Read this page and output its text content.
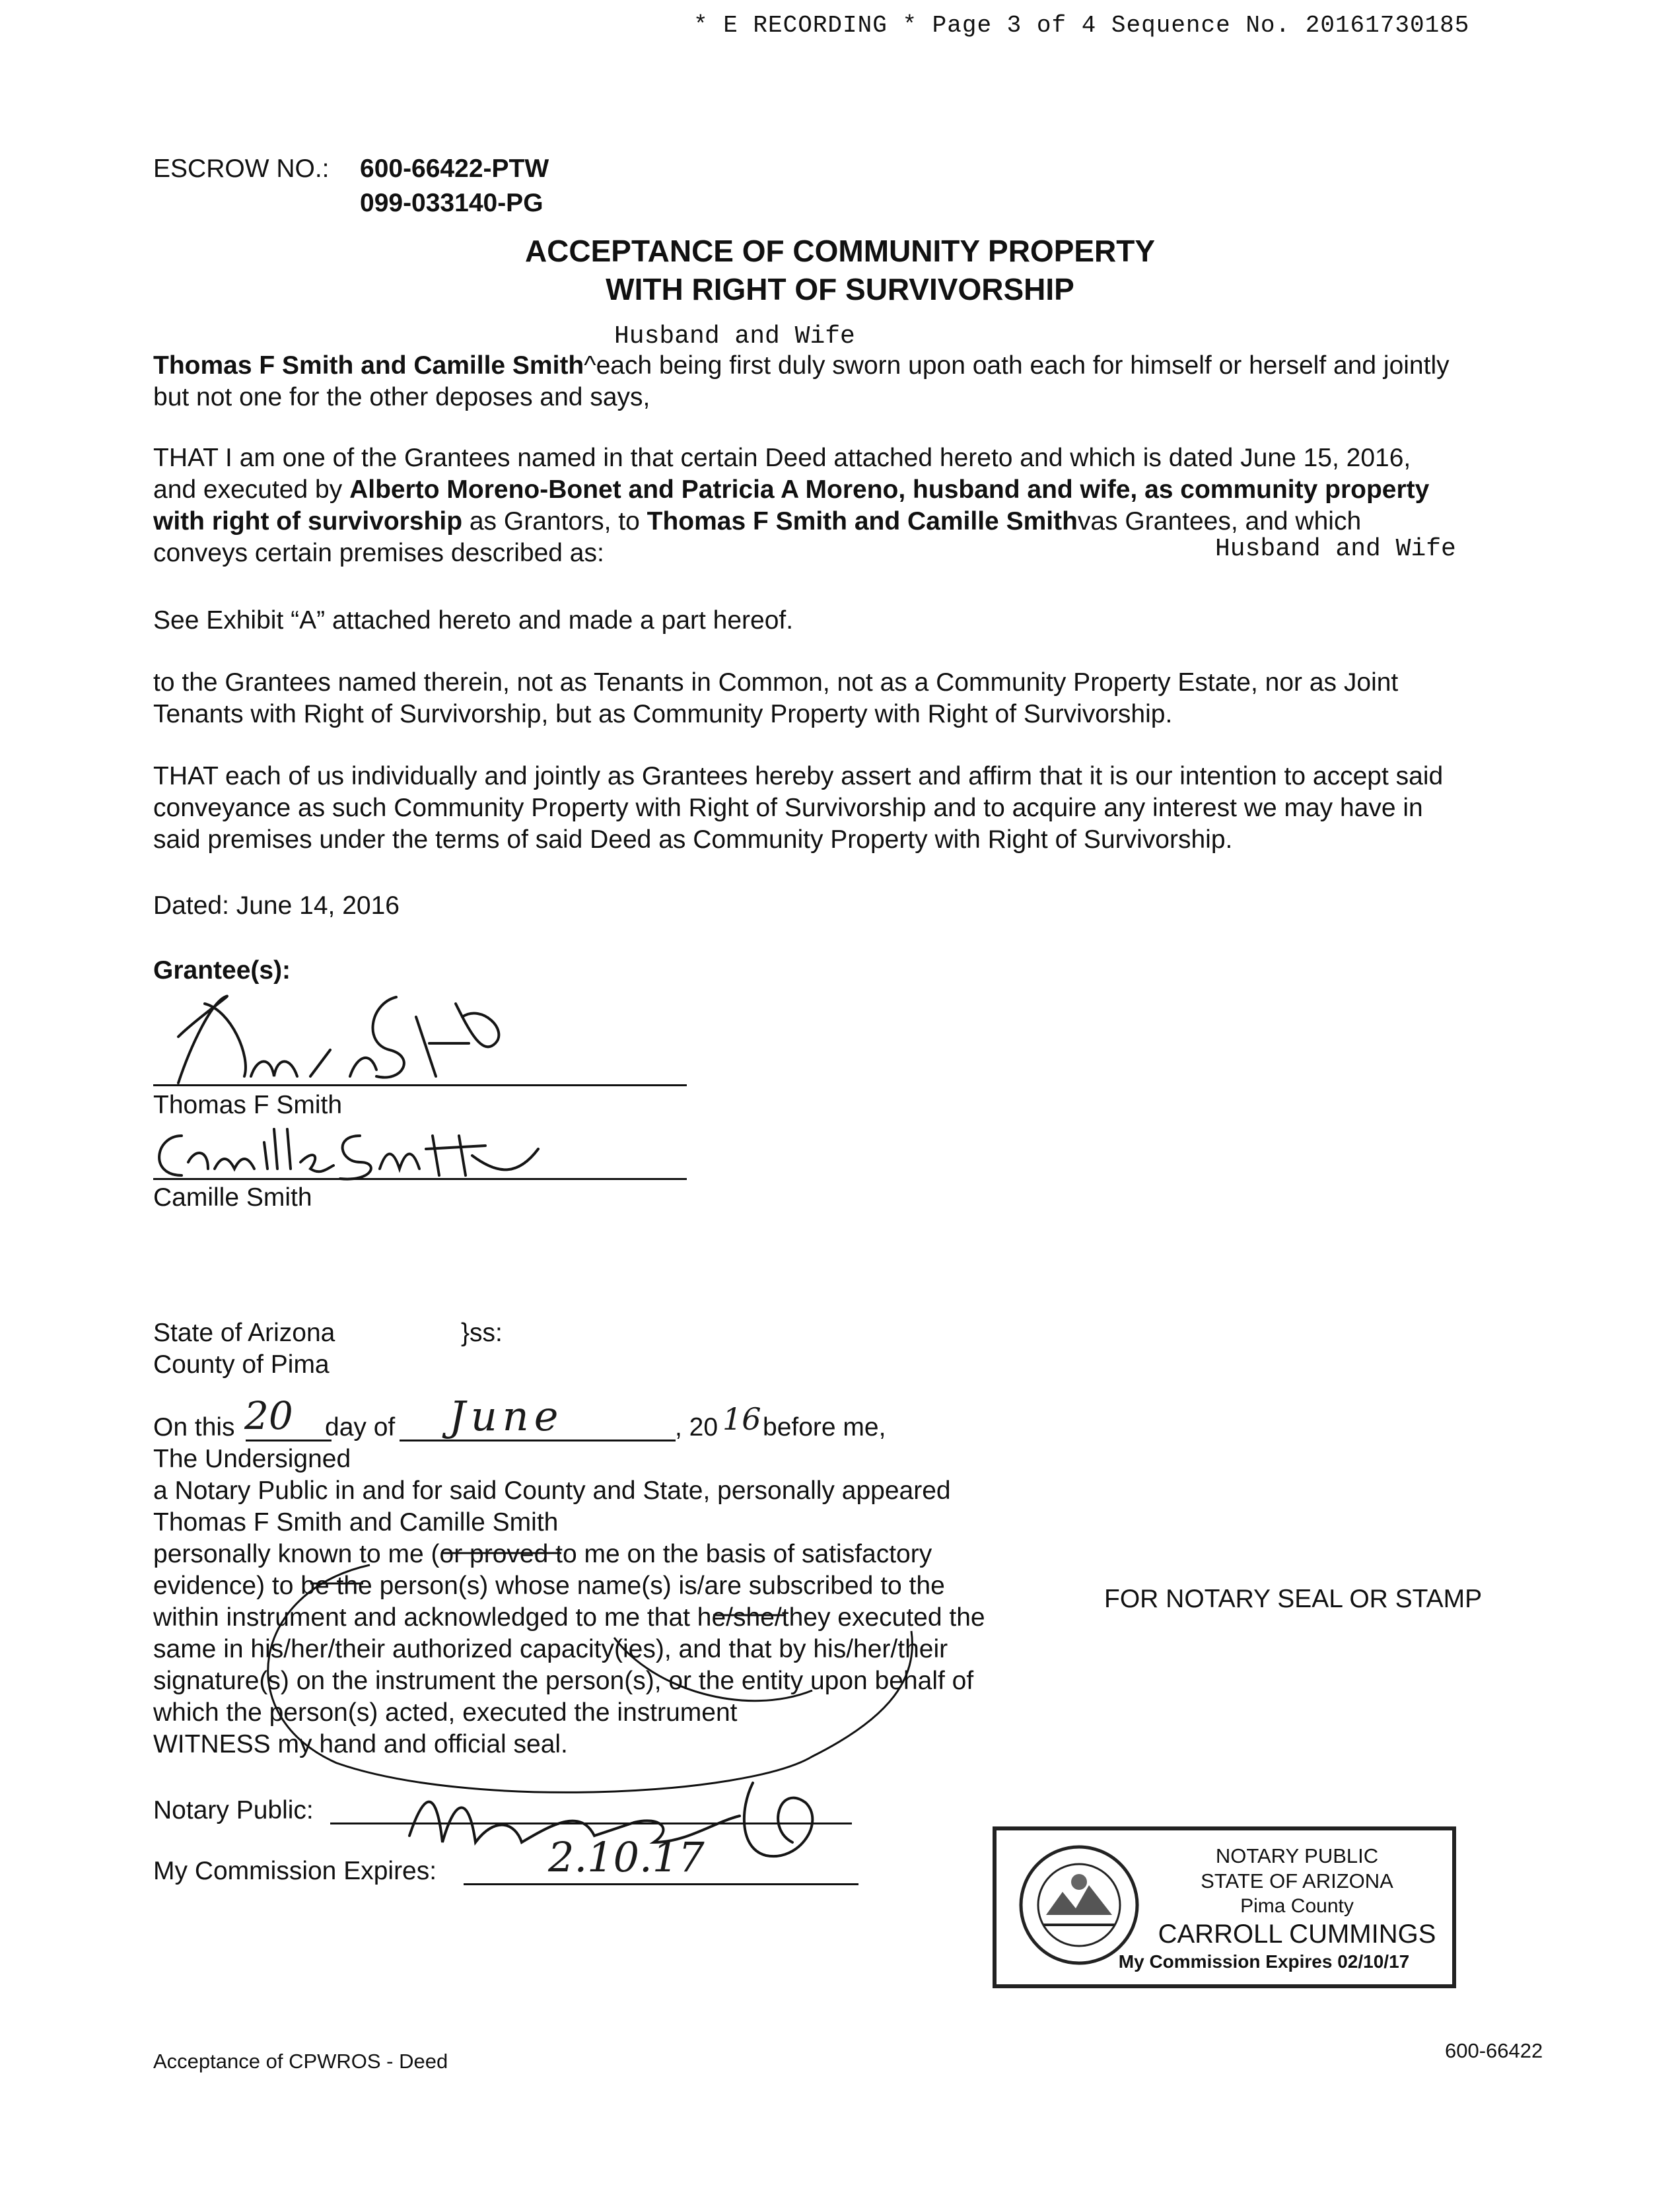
* E RECORDING * Page 3 of 4 Sequence No. 20161730185
ESCROW NO.: 600-66422-PTW
099-033140-PG
ACCEPTANCE OF COMMUNITY PROPERTY
WITH RIGHT OF SURVIVORSHIP
Husband and Wife
Thomas F Smith and Camille Smith^each being first duly sworn upon oath each for himself or herself and jointly
but not one for the other deposes and says,
THAT I am one of the Grantees named in that certain Deed attached hereto and which is dated June 15, 2016,
and executed by Alberto Moreno-Bonet and Patricia A Moreno, husband and wife, as community property
with right of survivorship as Grantors, to Thomas F Smith and Camille Smithvas Grantees, and which
conveys certain premises described as:	Husband and Wife
See Exhibit “A” attached hereto and made a part hereof.
to the Grantees named therein, not as Tenants in Common, not as a Community Property Estate, nor as Joint
Tenants with Right of Survivorship, but as Community Property with Right of Survivorship.
THAT each of us individually and jointly as Grantees hereby assert and affirm that it is our intention to accept said
conveyance as such Community Property with Right of Survivorship and to acquire any interest we may have in
said premises under the terms of said Deed as Community Property with Right of Survivorship.
Dated: June 14, 2016
Grantee(s):
Thomas F Smith
Camille Smith
State of Arizona	}ss:
County of Pima
On this 20 day of June	, 20 16 before me,
The Undersigned
a Notary Public in and for said County and State, personally appeared
Thomas F Smith and Camille Smith
personally known to me (or proved to me on the basis of satisfactory
evidence) to be the person(s) whose name(s) is/are subscribed to the
within instrument and acknowledged to me that he/she/they executed the
same in his/her/their authorized capacity(ies), and that by his/her/their
signature(s) on the instrument the person(s), or the entity upon behalf of
which the person(s) acted, executed the instrument
WITNESS my hand and official seal.
Notary Public:
My Commission Expires:	2.10.17
FOR NOTARY SEAL OR STAMP
NOTARY PUBLIC
STATE OF ARIZONA
Pima County
CARROLL CUMMINGS
My Commission Expires 02/10/17
Acceptance of CPWROS - Deed	600-66422
